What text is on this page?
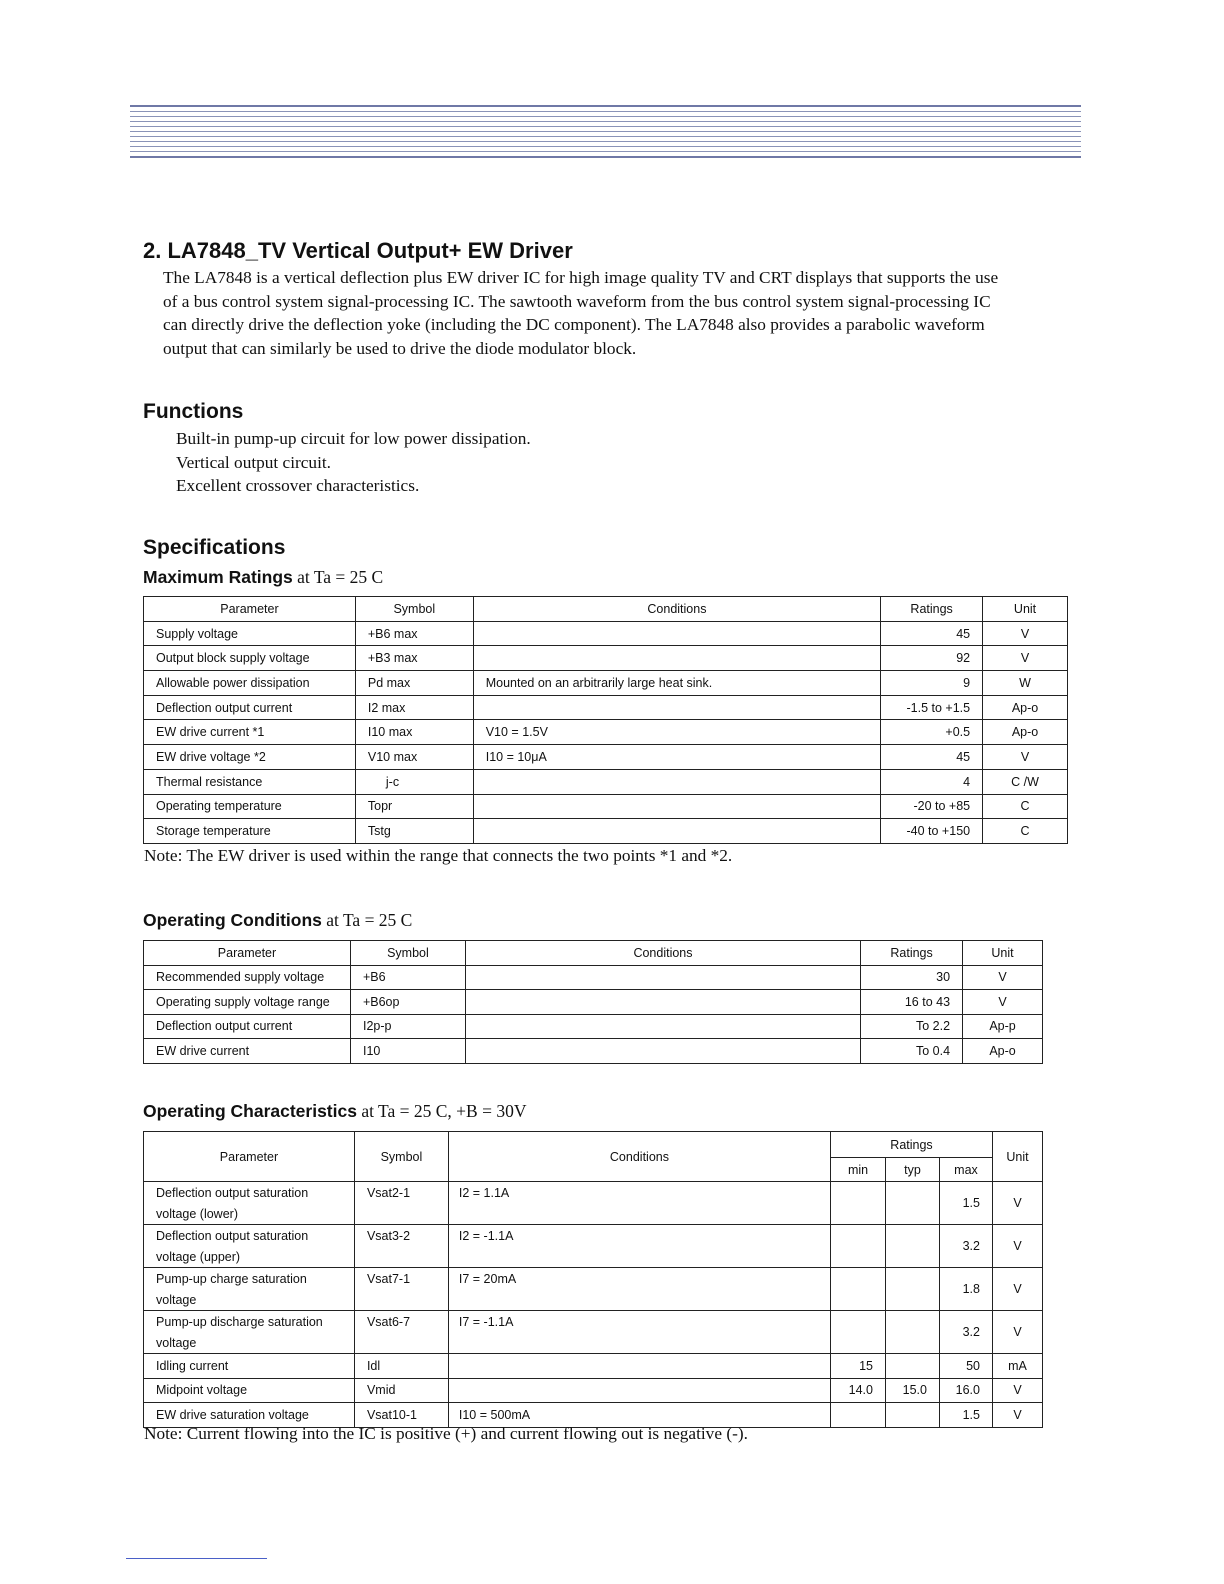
2. LA7848_TV Vertical Output+ EW Driver
The LA7848 is a vertical deflection plus EW driver IC for high image quality TV and CRT displays that supports the use
of a bus control system signal-processing IC. The sawtooth waveform from the bus control system signal-processing IC
can directly drive the deflection yoke (including the DC component). The LA7848 also provides a parabolic waveform
output that can similarly be used to drive the diode modulator block.
Functions
Built-in pump-up circuit for low power dissipation.
Vertical output circuit.
Excellent crossover characteristics.
Specifications
Maximum Ratings at Ta = 25 C
Parameter	Symbol	Conditions	Ratings	Unit
Supply voltage	+B6 max		45	V
Output block supply voltage	+B3 max		92	V
Allowable power dissipation	Pd max	Mounted on an arbitrarily large heat sink.	9	W
Deflection output current	I2 max		-1.5 to +1.5	Ap-o
EW drive current *1	I10 max	V10 = 1.5V	+0.5	Ap-o
EW drive voltage *2	V10 max	I10 = 10μA	45	V
Thermal resistance	j-c		4	C /W
Operating temperature	Topr		-20 to +85	C
Storage temperature	Tstg		-40 to +150	C
Note: The EW driver is used within the range that connects the two points *1 and *2.
Operating Conditions at Ta = 25 C
Parameter	Symbol	Conditions	Ratings	Unit
Recommended supply voltage	+B6		30	V
Operating supply voltage range	+B6op		16 to 43	V
Deflection output current	I2p-p		To 2.2	Ap-p
EW drive current	I10		To 0.4	Ap-o
Operating Characteristics at Ta = 25 C, +B = 30V
Parameter	Symbol	Conditions	Ratings			Unit
			min	typ	max	

Deflection output saturation
voltage (lower)	Vsat2-1	I2 = 1.1A			1.5	V

Deflection output saturation
voltage (upper)	Vsat3-2	I2 = -1.1A			3.2	V

Pump-up charge saturation
voltage	Vsat7-1	I7 = 20mA			1.8	V

Pump-up discharge saturation
voltage	Vsat6-7	I7 = -1.1A			3.2	V
Idling current	Idl		15		50	mA
Midpoint voltage	Vmid		14.0	15.0	16.0	V
EW drive saturation voltage	Vsat10-1	I10 = 500mA			1.5	V
Note: Current flowing into the IC is positive (+) and current flowing out is negative (-).
